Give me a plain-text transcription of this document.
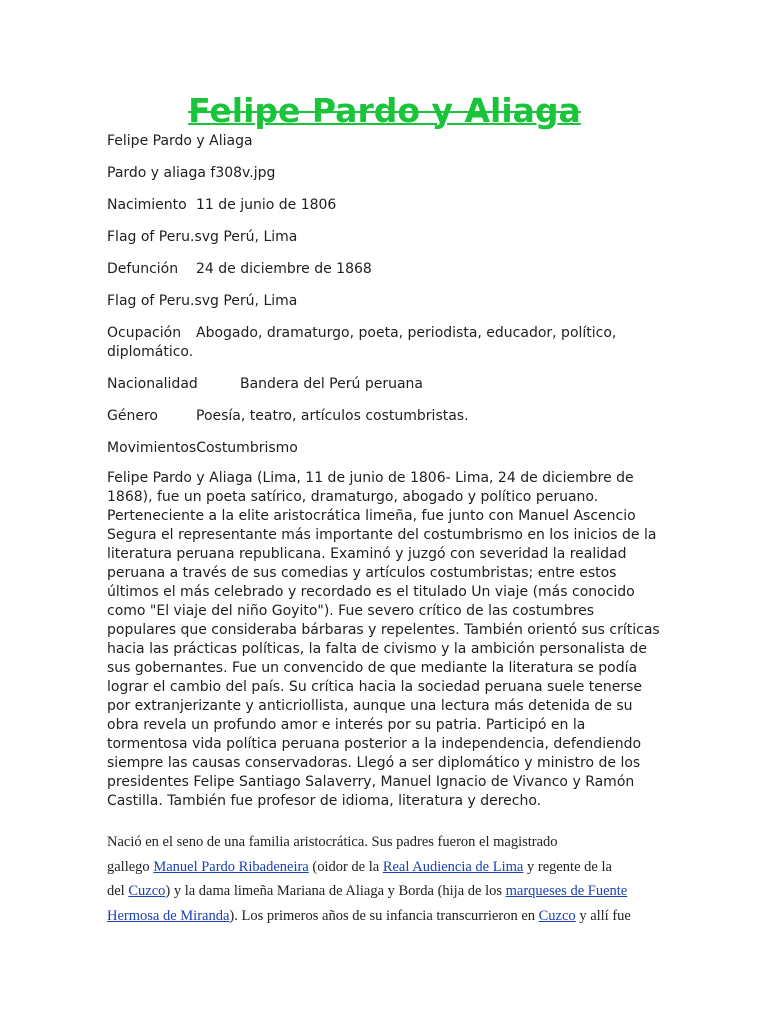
Felipe Pardo y Aliaga
Felipe Pardo y Aliaga
Pardo y aliaga f308v.jpg
Nacimiento 11 de junio de 1806
Flag of Peru.svg Perú, Lima
Defunción 24 de diciembre de 1868
Flag of Peru.svg Perú, Lima
Ocupación Abogado, dramaturgo, poeta, periodista, educador, político, diplomático.
Nacionalidad	Bandera del Perú peruana
Género	Poesía, teatro, artículos costumbristas.
MovimientosCostumbrismo

Felipe Pardo y Aliaga (Lima, 11 de junio de 1806- Lima, 24 de diciembre de 1868), fue un poeta satírico, dramaturgo, abogado y político peruano. Perteneciente a la elite aristocrática limeña, fue junto con Manuel Ascencio Segura el representante más importante del costumbrismo en los inicios de la literatura peruana republicana. Examinó y juzgó con severidad la realidad peruana a través de sus comedias y artículos costumbristas; entre estos últimos el más celebrado y recordado es el titulado Un viaje (más conocido como "El viaje del niño Goyito"). Fue severo crítico de las costumbres populares que consideraba bárbaras y repelentes. También orientó sus críticas hacia las prácticas políticas, la falta de civismo y la ambición personalista de sus gobernantes. Fue un convencido de que mediante la literatura se podía lograr el cambio del país. Su crítica hacia la sociedad peruana suele tenerse por extranjerizante y anticriollista, aunque una lectura más detenida de su obra revela un profundo amor e interés por su patria. Participó en la tormentosa vida política peruana posterior a la independencia, defendiendo siempre las causas conservadoras. Llegó a ser diplomático y ministro de los presidentes Felipe Santiago Salaverry, Manuel Ignacio de Vivanco y Ramón Castilla. También fue profesor de idioma, literatura y derecho.

Nació en el seno de una familia aristocrática. Sus padres fueron el magistrado
gallego Manuel Pardo Ribadeneira (oidor de la Real Audiencia de Lima y regente de la
del Cuzco) y la dama limeña Mariana de Aliaga y Borda (hija de los marqueses de Fuente
Hermosa de Miranda). Los primeros años de su infancia transcurrieron en Cuzco y allí fue
